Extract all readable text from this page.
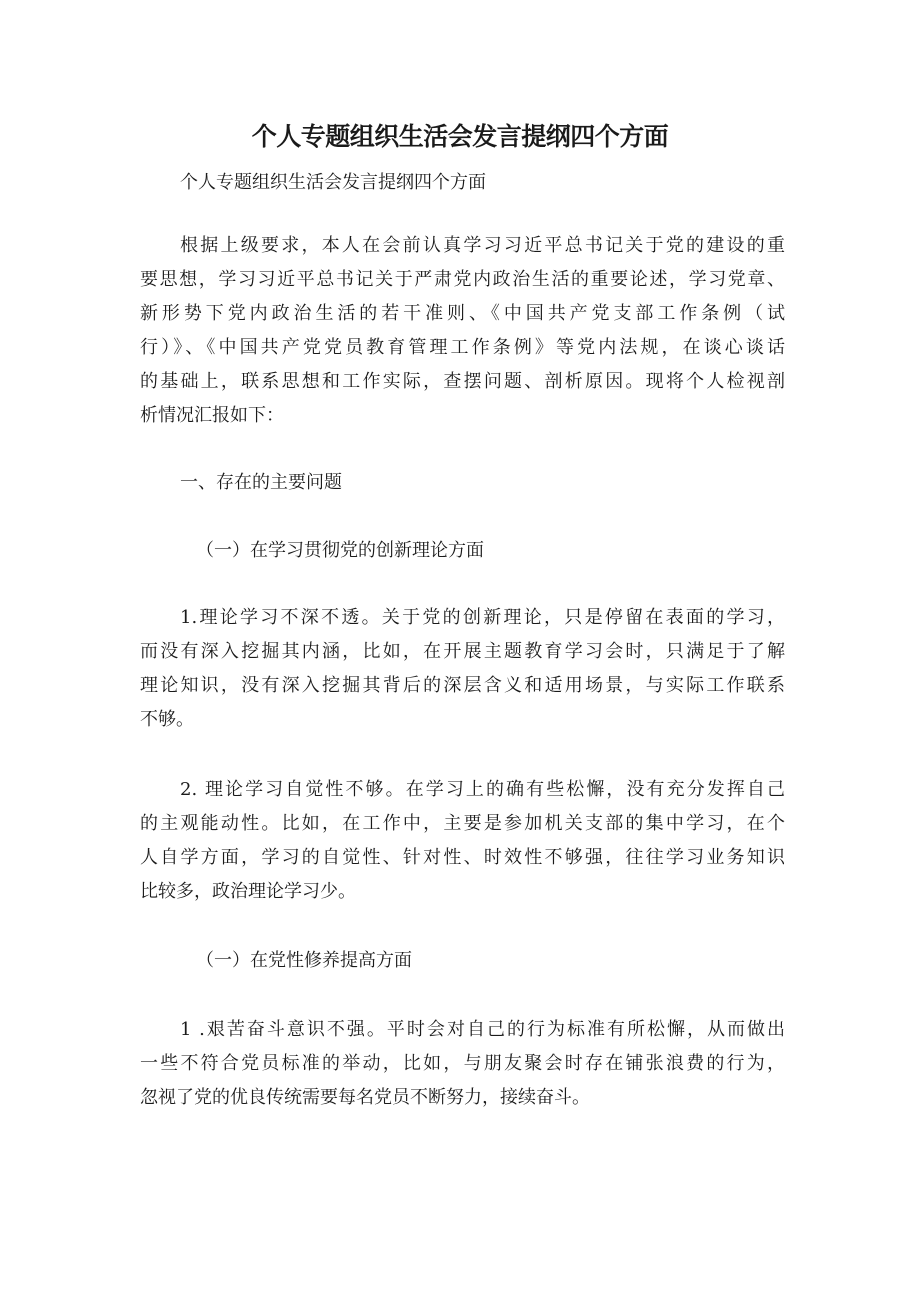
个人专题组织生活会发言提纲四个方面

个人专题组织生活会发言提纲四个方面

根据上级要求，本人在会前认真学习习近平总书记关于党的建设的重

要思想，学习习近平总书记关于严肃党内政治生活的重要论述，学习党章、

新形势下党内政治生活的若干准则、《中国共产党支部工作条例（试

行）》、《中国共产党党员教育管理工作条例》等党内法规，在谈心谈话

的基础上，联系思想和工作实际，查摆问题、剖析原因。现将个人检视剖

析情况汇报如下：

一、存在的主要问题

（一）在学习贯彻党的创新理论方面

1.理论学习不深不透。关于党的创新理论，只是停留在表面的学习，

而没有深入挖掘其内涵，比如，在开展主题教育学习会时，只满足于了解

理论知识，没有深入挖掘其背后的深层含义和适用场景，与实际工作联系

不够。

2. 理论学习自觉性不够。在学习上的确有些松懈，没有充分发挥自己

的主观能动性。比如，在工作中，主要是参加机关支部的集中学习，在个

人自学方面，学习的自觉性、针对性、时效性不够强，往往学习业务知识

比较多，政治理论学习少。

（一）在党性修养提高方面

1 .艰苦奋斗意识不强。平时会对自己的行为标准有所松懈，从而做出

一些不符合党员标准的举动，比如，与朋友聚会时存在铺张浪费的行为，

忽视了党的优良传统需要每名党员不断努力，接续奋斗。
